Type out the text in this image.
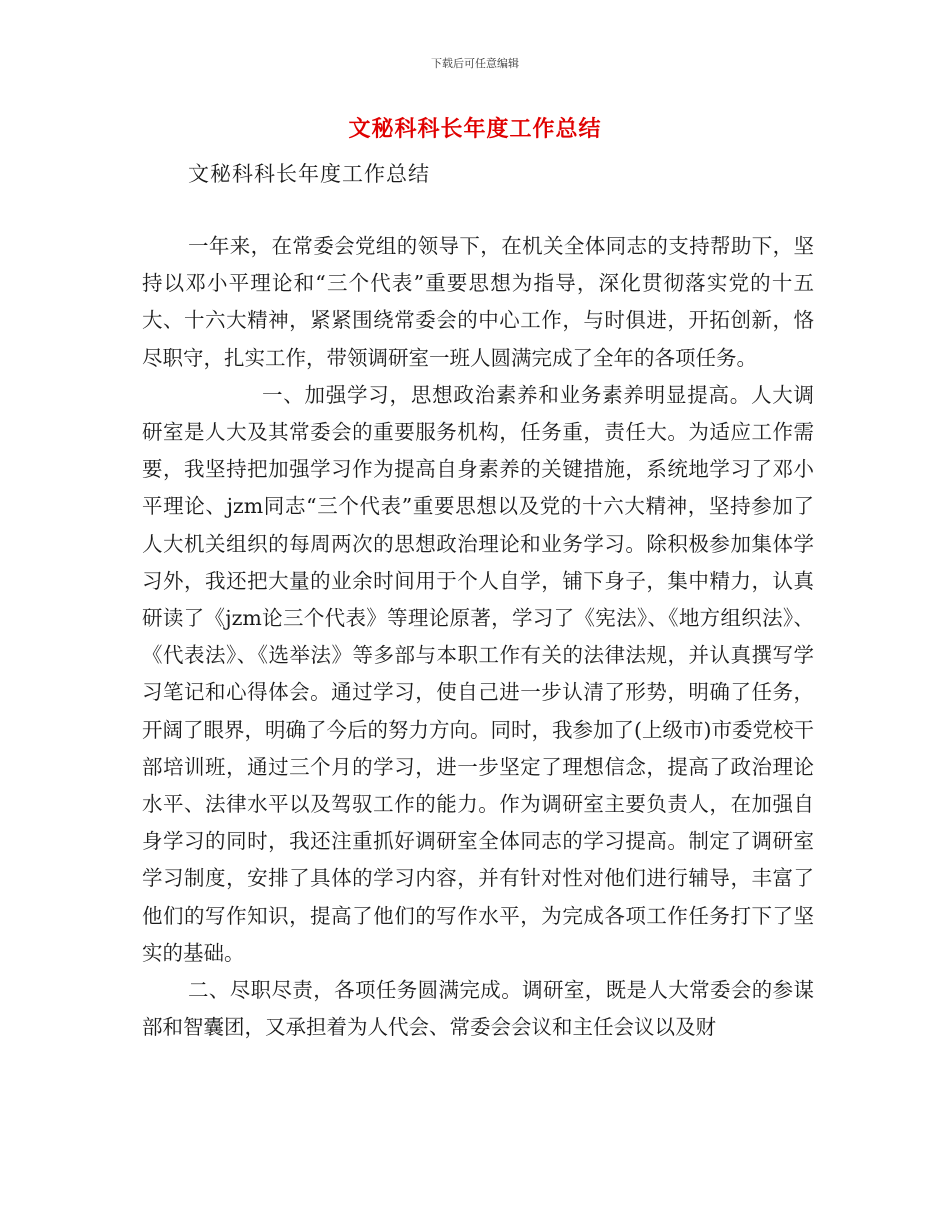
下载后可任意编辑
文秘科科长年度工作总结
文秘科科长年度工作总结

一年来，在常委会党组的领导下，在机关全体同志的支持帮助下，坚持以邓小平理论和“三个代表”重要思想为指导，深化贯彻落实党的十五大、十六大精神，紧紧围绕常委会的中心工作，与时俱进，开拓创新，恪尽职守，扎实工作，带领调研室一班人圆满完成了全年的各项任务。

一、加强学习，思想政治素养和业务素养明显提高。人大调研室是人大及其常委会的重要服务机构，任务重，责任大。为适应工作需要，我坚持把加强学习作为提高自身素养的关键措施，系统地学习了邓小平理论、jzm同志“三个代表”重要思想以及党的十六大精神，坚持参加了人大机关组织的每周两次的思想政治理论和业务学习。除积极参加集体学习外，我还把大量的业余时间用于个人自学，铺下身子，集中精力，认真研读了《jzm论三个代表》等理论原著，学习了《宪法》、《地方组织法》、《代表法》、《选举法》等多部与本职工作有关的法律法规，并认真撰写学习笔记和心得体会。通过学习，使自己进一步认清了形势，明确了任务，开阔了眼界，明确了今后的努力方向。同时，我参加了(上级市)市委党校干部培训班，通过三个月的学习，进一步坚定了理想信念，提高了政治理论水平、法律水平以及驾驭工作的能力。作为调研室主要负责人，在加强自身学习的同时，我还注重抓好调研室全体同志的学习提高。制定了调研室学习制度，安排了具体的学习内容，并有针对性对他们进行辅导，丰富了他们的写作知识，提高了他们的写作水平，为完成各项工作任务打下了坚实的基础。

二、尽职尽责，各项任务圆满完成。调研室，既是人大常委会的参谋部和智囊团，又承担着为人代会、常委会会议和主任会议以及财
